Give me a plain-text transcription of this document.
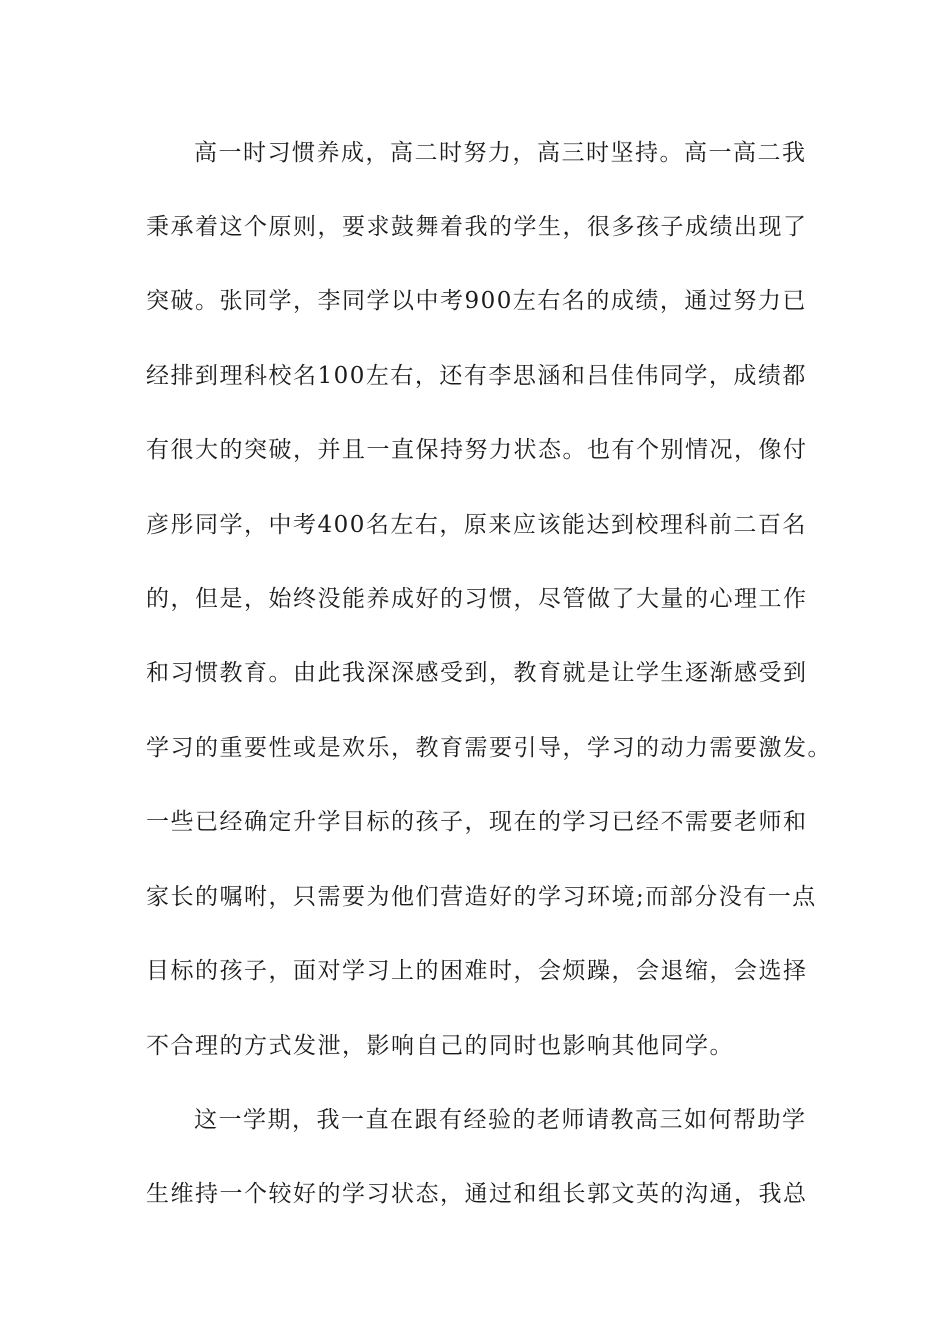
高一时习惯养成，高二时努力，高三时坚持。高一高二我
秉承着这个原则，要求鼓舞着我的学生，很多孩子成绩出现了
突破。张同学，李同学以中考900左右名的成绩，通过努力已
经排到理科校名100左右，还有李思涵和吕佳伟同学，成绩都
有很大的突破，并且一直保持努力状态。也有个别情况，像付
彦彤同学，中考400名左右，原来应该能达到校理科前二百名
的，但是，始终没能养成好的习惯，尽管做了大量的心理工作
和习惯教育。由此我深深感受到，教育就是让学生逐渐感受到
学习的重要性或是欢乐，教育需要引导，学习的动力需要激发。
一些已经确定升学目标的孩子，现在的学习已经不需要老师和
家长的嘱咐，只需要为他们营造好的学习环境;而部分没有一点
目标的孩子，面对学习上的困难时，会烦躁，会退缩，会选择
不合理的方式发泄，影响自己的同时也影响其他同学。
这一学期，我一直在跟有经验的老师请教高三如何帮助学
生维持一个较好的学习状态，通过和组长郭文英的沟通，我总
